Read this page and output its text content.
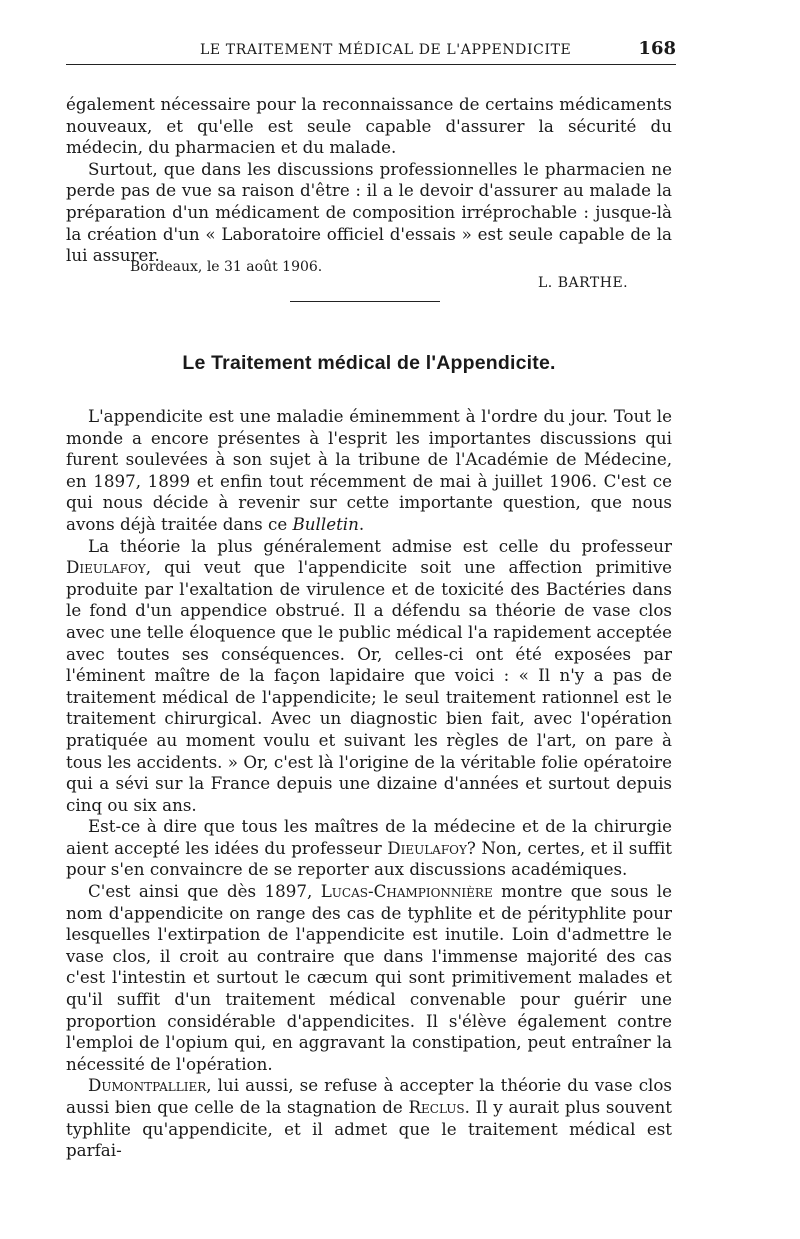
LE TRAITEMENT MÉDICAL DE L'APPENDICITE	168

également nécessaire pour la reconnaissance de certains médicaments nouveaux, et qu'elle est seule capable d'assurer la sécurité du médecin, du pharmacien et du malade.

Surtout, que dans les discussions professionnelles le pharmacien ne perde pas de vue sa raison d'être : il a le devoir d'assurer au malade la préparation d'un médicament de composition irréprochable : jusque-là la création d'un « Laboratoire officiel d'essais » est seule capable de la lui assurer.

Bordeaux, le 31 août 1906.
L. BARTHE.
Le Traitement médical de l'Appendicite.

L'appendicite est une maladie éminemment à l'ordre du jour. Tout le monde a encore présentes à l'esprit les importantes discussions qui furent soulevées à son sujet à la tribune de l'Académie de Médecine, en 1897, 1899 et enfin tout récemment de mai à juillet 1906. C'est ce qui nous décide à revenir sur cette importante question, que nous avons déjà traitée dans ce Bulletin.

La théorie la plus généralement admise est celle du professeur Dieulafoy, qui veut que l'appendicite soit une affection primitive produite par l'exaltation de virulence et de toxicité des Bactéries dans le fond d'un appendice obstrué. Il a défendu sa théorie de vase clos avec une telle éloquence que le public médical l'a rapidement acceptée avec toutes ses conséquences. Or, celles-ci ont été exposées par l'éminent maître de la façon lapidaire que voici : « Il n'y a pas de traitement médical de l'appendicite; le seul traitement rationnel est le traitement chirurgical. Avec un diagnostic bien fait, avec l'opération pratiquée au moment voulu et suivant les règles de l'art, on pare à tous les accidents. » Or, c'est là l'origine de la véritable folie opératoire qui a sévi sur la France depuis une dizaine d'années et surtout depuis cinq ou six ans.

Est-ce à dire que tous les maîtres de la médecine et de la chirurgie aient accepté les idées du professeur Dieulafoy? Non, certes, et il suffit pour s'en convaincre de se reporter aux discussions académiques.

C'est ainsi que dès 1897, Lucas-Championnière montre que sous le nom d'appendicite on range des cas de typhlite et de pérityphlite pour lesquelles l'extirpation de l'appendicite est inutile. Loin d'admettre le vase clos, il croit au contraire que dans l'immense majorité des cas c'est l'intestin et surtout le cæcum qui sont primitivement malades et qu'il suffit d'un traitement médical convenable pour guérir une proportion considérable d'appendicites. Il s'élève également contre l'emploi de l'opium qui, en aggravant la constipation, peut entraîner la nécessité de l'opération.

Dumontpallier, lui aussi, se refuse à accepter la théorie du vase clos aussi bien que celle de la stagnation de Reclus. Il y aurait plus souvent typhlite qu'appendicite, et il admet que le traitement médical est parfai-
